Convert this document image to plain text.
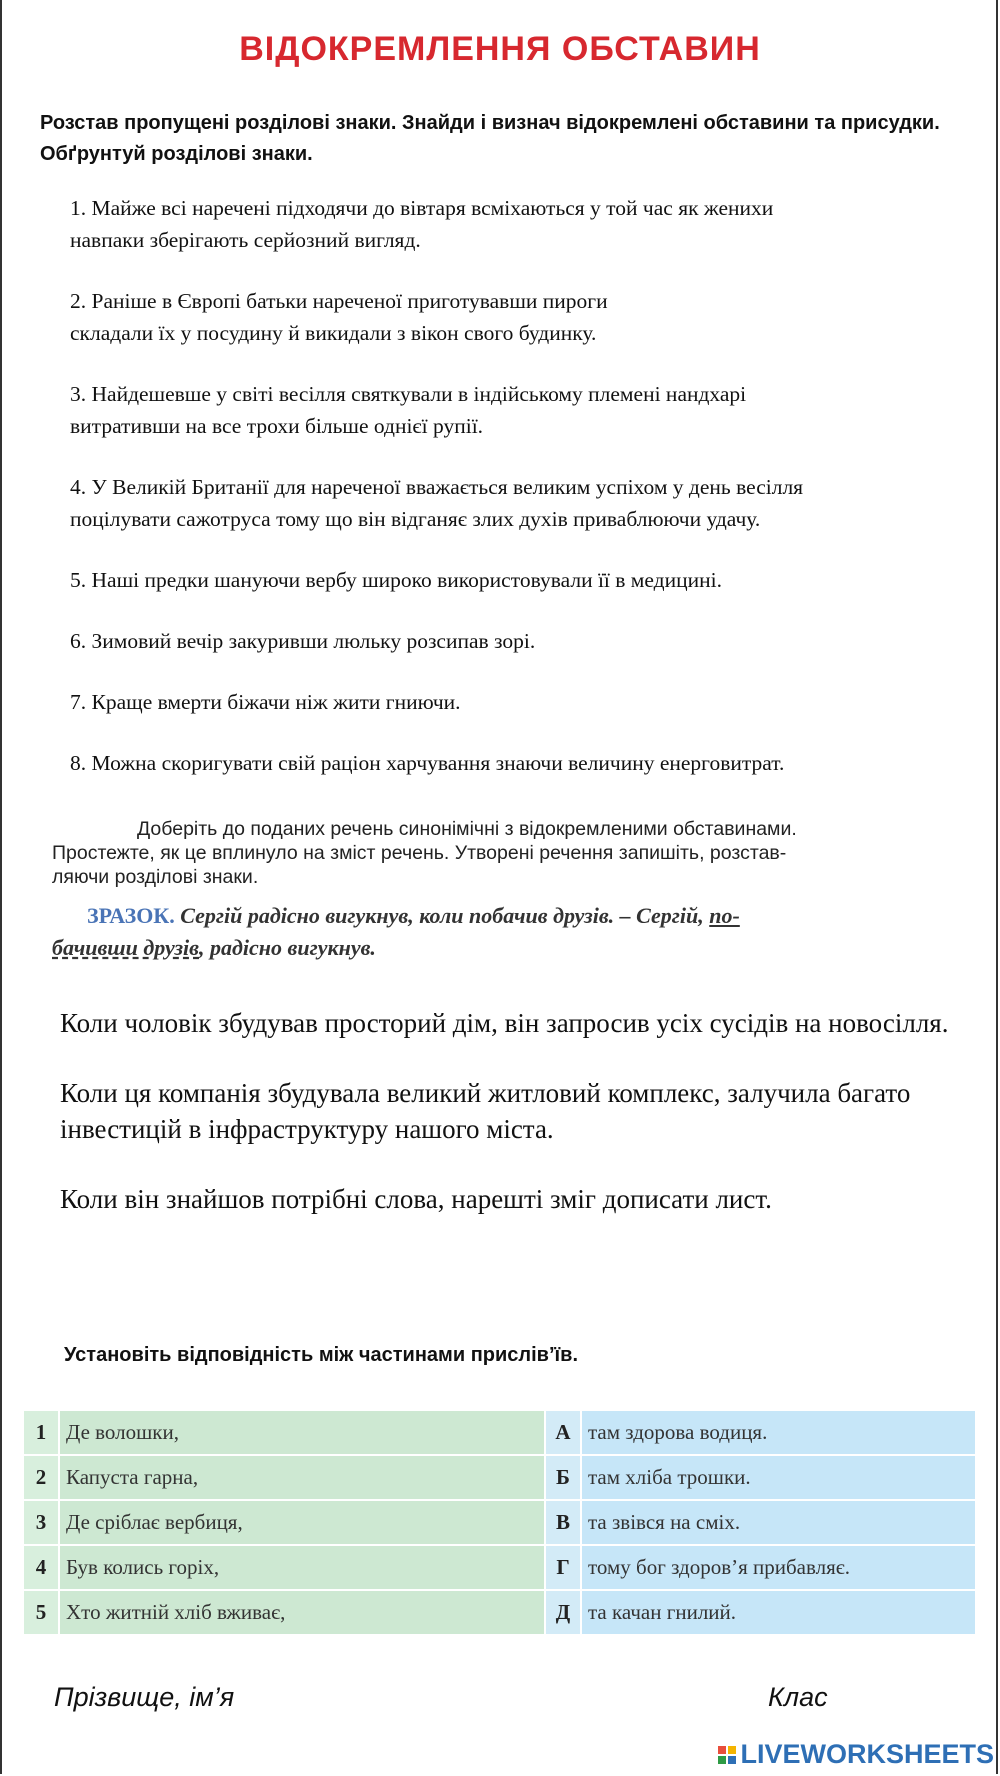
ВІДОКРЕМЛЕННЯ ОБСТАВИН
Розстав пропущені розділові знаки. Знайди і визнач відокремлені обставини та присудки. Обґрунтуй розділові знаки.
1. Майже всі наречені підходячи до вівтаря всміхаються у той час як женихи
навпаки зберігають серйозний вигляд.
2. Раніше в Європі батьки нареченої приготувавши пироги
складали їх у посудину й викидали з вікон свого будинку.
3. Найдешевше у світі весілля святкували в індійському племені нандхарі
витративши на все трохи більше однієї рупії.
4. У Великій Британії для нареченої вважається великим успіхом у день весілля
поцілувати сажотруса тому що він відганяє злих духів приваблюючи удачу.
5. Наші предки шануючи вербу широко використовували її в медицині.
6. Зимовий вечір закуривши люльку розсипав зорі.
7. Краще вмерти біжачи ніж жити гниючи.
8. Можна скоригувати свій раціон харчування знаючи величину енерговитрат.
Доберіть до поданих речень синонімічні з відокремленими обставинами.
Простежте, як це вплинуло на зміст речень. Утворені речення запишіть, розстав-
ляючи розділові знаки.
ЗРАЗОК. Сергій радісно вигукнув, коли побачив друзів. – Сергій, по-
бачивши друзів, радісно вигукнув.

Коли чоловік збудував просторий дім, він запросив усіх сусідів на новосілля.

Коли ця компанія збудувала великий житловий комплекс, залучила багато інвестицій в інфраструктуру нашого міста.

Коли він знайшов потрібні слова, нарешті зміг дописати лист.

Установіть відповідність між частинами прислів’їв.
1	Де волошки,	А	там здорова водиця.
2	Капуста гарна,	Б	там хліба трошки.
3	Де сріблає вербиця,	В	та звівся на сміх.
4	Був колись горіх,	Г	тому бог здоров’я прибавляє.
5	Хто житній хліб вживає,	Д	та качан гнилий.
Прізвище, ім’я	Клас
LIVEWORKSHEETS
